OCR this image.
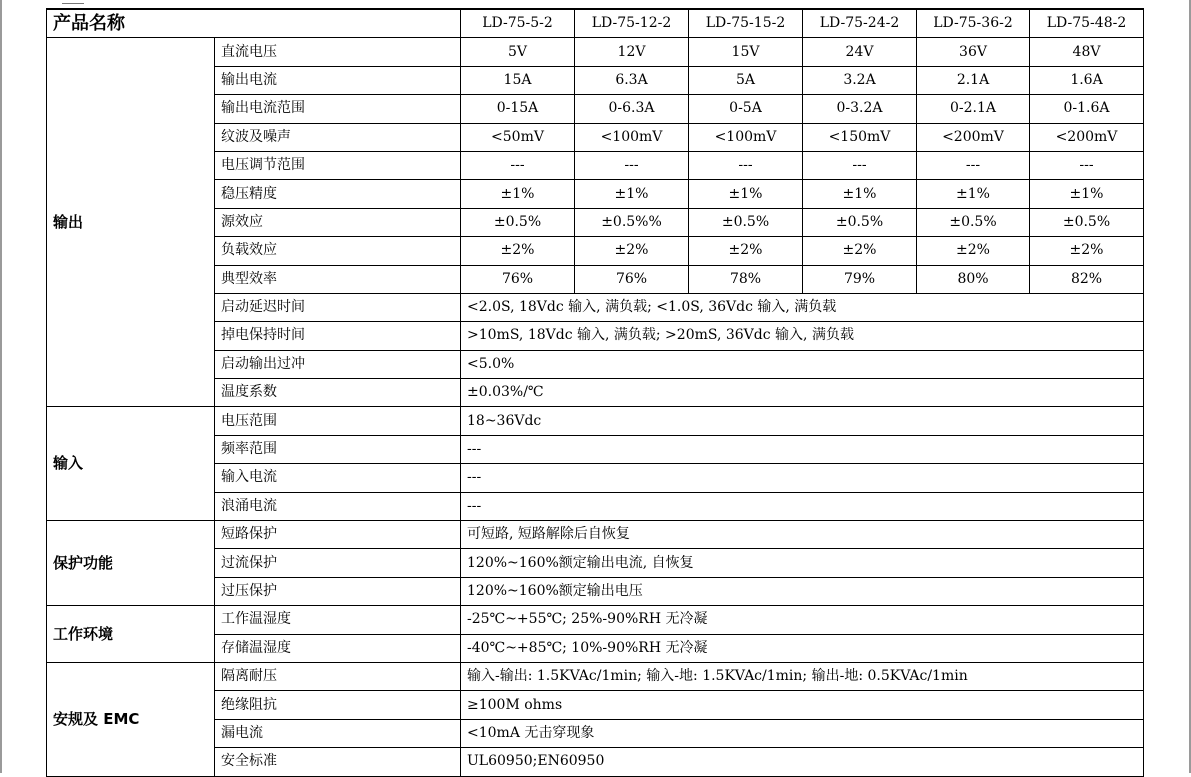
产品名称		LD-75-5-2	LD-75-12-2	LD-75-15-2	LD-75-24-2	LD-75-36-2	LD-75-48-2
输出	直流电压	5V	12V	15V	24V	36V	48V
	输出电流	15A	6.3A	5A	3.2A	2.1A	1.6A
	输出电流范围	0-15A	0-6.3A	0-5A	0-3.2A	0-2.1A	0-1.6A
	纹波及噪声	<50mV	<100mV	<100mV	<150mV	<200mV	<200mV
	电压调节范围	---	---	---	---	---	---
	稳压精度	±1%	±1%	±1%	±1%	±1%	±1%
	源效应	±0.5%	±0.5%%	±0.5%	±0.5%	±0.5%	±0.5%
	负载效应	±2%	±2%	±2%	±2%	±2%	±2%
	典型效率	76%	76%	78%	79%	80%	82%
	启动延迟时间	<2.0S, 18Vdc 输入, 满负载; <1.0S, 36Vdc 输入, 满负载					
	掉电保持时间	>10mS, 18Vdc 输入, 满负载; >20mS, 36Vdc 输入, 满负载					
	启动输出过冲	<5.0%					
	温度系数	±0.03%/℃					
输入	电压范围	18~36Vdc					
	频率范围	---					
	输入电流	---					
	浪涌电流	---					
保护功能	短路保护	可短路, 短路解除后自恢复					
	过流保护	120%~160%额定输出电流, 自恢复					
	过压保护	120%~160%额定输出电压					
工作环境	工作温湿度	-25℃~+55℃; 25%-90%RH 无冷凝					
	存储温湿度	-40℃~+85℃; 10%-90%RH 无冷凝					
安规及 EMC	隔离耐压	输入-输出: 1.5KVAc/1min; 输入-地: 1.5KVAc/1min; 输出-地: 0.5KVAc/1min					
	绝缘阻抗	≥100M ohms					
	漏电流	<10mA 无击穿现象					
	安全标准	UL60950;EN60950					
